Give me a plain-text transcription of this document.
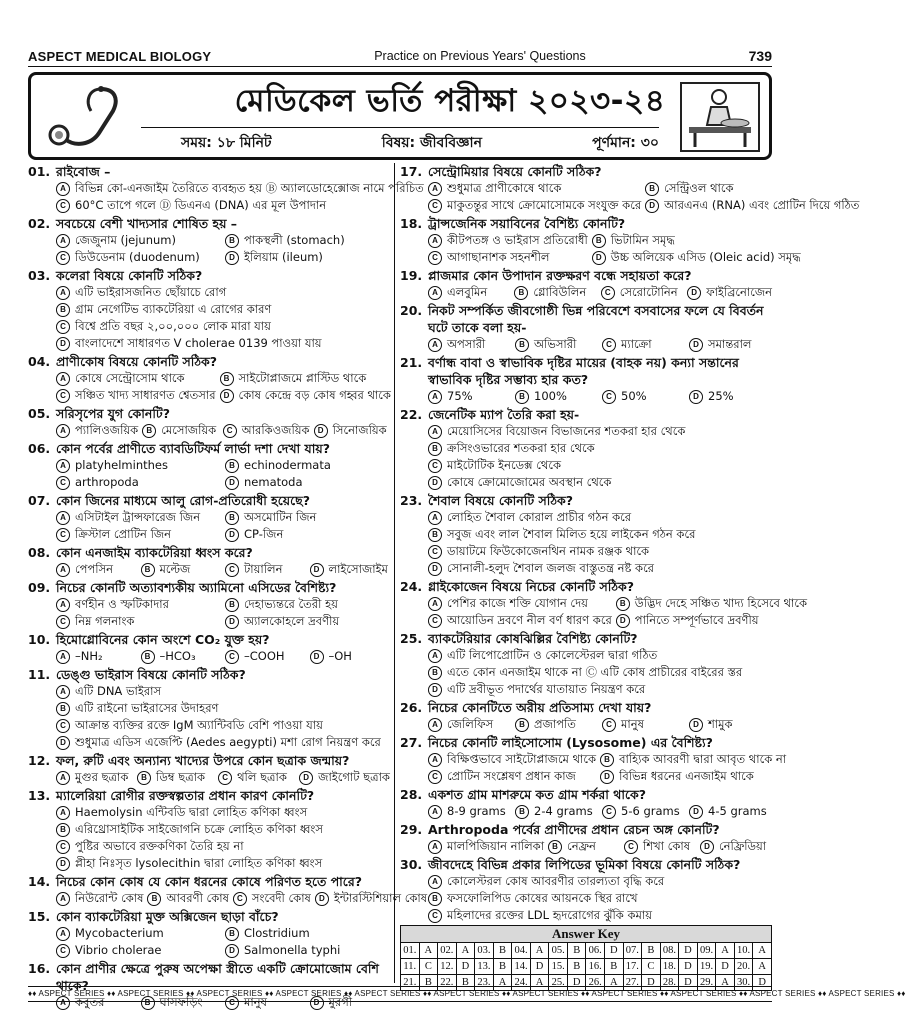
ASPECT MEDICAL BIOLOGY	Practice on Previous Years' Questions	739
মেডিকেল ভর্তি পরীক্ষা ২০২৩-২৪
সময়: ১৮ মিনিট	বিষয়: জীববিজ্ঞান	পূর্ণমান: ৩০
01. রাইবোজ –
A বিভিন্ন কো-এনজাইম তৈরিতে ব্যবহৃত হয় Ⓑ অ্যালডোহেক্সোজ নামে পরিচিত
C 60°C তাপে গলে Ⓓ ডিএনএ (DNA) এর মূল উপাদান
02. সবচেয়ে বেশী খাদ্যসার শোষিত হয় –
A জেজুনাম (jejunum)	B পাকস্থলী (stomach)
C ডিউডেনাম (duodenum)	D ইলিয়াম (ileum)
03. কলেরা বিষয়ে কোনটি সঠিক?
A এটি ভাইরাসজনিত ছোঁয়াচে রোগ
B গ্রাম নেগেটিভ ব্যাকটেরিয়া এ রোগের কারণ
C বিশ্বে প্রতি বছর ২,০০,০০০ লোক মারা যায়
D বাংলাদেশে সাধারণত V cholerae 0139 পাওয়া যায়
04. প্রাণীকোষ বিষয়ে কোনটি সঠিক?
A কোষে সেন্ট্রোসোম থাকে	B সাইটোপ্লাজমে প্লাস্টিড থাকে
C সঞ্চিত খাদ্য সাধারণত শ্বেতসার	D কোষ কেন্দ্রে বড় কোষ গহ্বর থাকে
05. সরিসৃপের যুগ কোনটি?
A প্যালিওজয়িক	B মেসোজয়িক	C আরকিওজয়িক	D সিনোজয়িক
06. কোন পর্বের প্রাণীতে ব্যাবডিটিফর্ম লার্ভা দশা দেখা যায়?
A platyhelminthes	B echinodermata
C arthropoda	D nematoda
07. কোন জিনের মাধ্যমে আলু রোগ-প্রতিরোধী হয়েছে?
A এসিটাইল ট্রান্সফারেজ জিন	B অসমোটিন জিন
C ক্রিস্টাল প্রোটিন জিন	D CP-জিন
08. কোন এনজাইম ব্যাকটেরিয়া ধ্বংস করে?
A পেপসিন	B মল্টেজ	C টায়ালিন	D লাইসোজাইম
09. নিচের কোনটি অত্যাবশ্যকীয় অ্যামিনো এসিডের বৈশিষ্ট্য?
A বর্ণহীন ও স্ফটিকাদার	B দেহাভ্যন্তরে তৈরী হয়
C নিম্ন গলনাংক	D অ্যালকোহলে দ্রবণীয়
10. হিমোগ্লোবিনের কোন অংশে CO₂ যুক্ত হয়?
A –NH₂	B –HCO₃	C –COOH	D –OH
11. ডেঙ্গু ভাইরাস বিষয়ে কোনটি সঠিক?
A এটি DNA ভাইরাস
B এটি রাইনো ভাইরাসের উদাহরণ
C আক্রান্ত ব্যক্তির রক্তে IgM অ্যান্টিবডি বেশি পাওয়া যায়
D শুধুমাত্র এডিস এজেপ্টি (Aedes aegypti) মশা রোগ নিয়ন্ত্রণ করে
12. ফল, রুটি এবং অন্যান্য খাদ্যের উপরে কোন ছত্রাক জন্মায়?
A মুগুর ছত্রাক	B ডিম্ব ছত্রাক	C থলি ছত্রাক	D জাইগোট ছত্রাক
13. ম্যালেরিয়া রোগীর রক্তস্বল্পতার প্রধান কারণ কোনটি?
A Haemolysin এন্টিবডি দ্বারা লোহিত কণিকা ধ্বংস
B এরিথ্রোসাইটিক সাইজোগনি চক্রে লোহিত কণিকা ধ্বংস
C পুষ্টির অভাবে রক্তকণিকা তৈরি হয় না
D প্লীহা নিঃসৃত lysolecithin দ্বারা লোহিত কণিকা ধ্বংস
14. নিচের কোন কোষ যে কোন ধরনের কোষে পরিণত হতে পারে?
A নিউরোন্ট কোষ	B আবরণী কোষ	C সংবেদী কোষ	D ইন্টারস্টিশিয়াল কোষ
15. কোন ব্যাকটেরিয়া মুক্ত অক্সিজেন ছাড়া বাঁচে?
A Mycobacterium	B Clostridium
C Vibrio cholerae	D Salmonella typhi
16. কোন প্রাণীর ক্ষেত্রে পুরুষ অপেক্ষা স্ত্রীতে একটি ক্রোমোজোম বেশি থাকে?
A কবুতর	B ঘাসফড়িং	C মানুষ	D মুরগী
17. সেন্ট্রোমিয়ার বিষয়ে কোনটি সঠিক?
A শুধুমাত্র প্রাণীকোষে থাকে	B সেন্ট্রিওল থাকে
C মাকুতন্তুর সাথে ক্রোমোসোমকে সংযুক্ত করে	D আরএনএ (RNA) এবং প্রোটিন দিয়ে গঠিত
18. ট্রান্সজেনিক সয়াবিনের বৈশিষ্ট্য কোনটি?
A কীটপতঙ্গ ও ভাইরাস প্রতিরোধী	B ভিটামিন সমৃদ্ধ
C আগাছানাশক সহনশীল	D উচ্চ অলিয়েক এসিড (Oleic acid) সমৃদ্ধ
19. প্লাজমার কোন উপাদান রক্তক্ষরণ বন্ধে সহায়তা করে?
A এলবুমিন	B গ্লোবিউলিন	C সেরোটোনিন	D ফাইব্রিনোজেন
20. নিকট সম্পর্কিত জীবগোষ্ঠী ভিন্ন পরিবেশে বসবাসের ফলে যে বিবর্তন ঘটে তাকে বলা হয়-
A অপসারী	B অভিসারী	C ম্যাক্রো	D সমান্তরাল
21. বর্ণান্ধ বাবা ও স্বাভাবিক দৃষ্টির মায়ের (বাহক নয়) কন্যা সন্তানের স্বাভাবিক দৃষ্টির সম্ভাব্য হার কত?
A 75%	B 100%	C 50%	D 25%
22. জেনেটিক ম্যাপ তৈরি করা হয়-
A মেয়োসিসের বিয়োজন বিভাজনের শতকরা হার থেকে
B ক্রসিংওভারের শতকরা হার থেকে
C মাইটোটিক ইনডেক্স থেকে
D কোষে ক্রোমোজোমের অবস্থান থেকে
23. শৈবাল বিষয়ে কোনটি সঠিক?
A লোহিত শৈবাল কোরাল প্রাচীর গঠন করে
B সবুজ এবং লাল শৈবাল মিলিত হয়ে লাইকেন গঠন করে
C ডায়াটমে ফিউকোজেনথিন নামক রঞ্জক থাকে
D সোনালী-হলুদ শৈবাল জলজ বাস্তুতন্ত্র নষ্ট করে
24. গ্লাইকোজেন বিষয়ে নিচের কোনটি সঠিক?
A পেশির কাজে শক্তি যোগান দেয়	B উদ্ভিদ দেহে সঞ্চিত খাদ্য হিসেবে থাকে
C আয়োডিন দ্রবণে নীল বর্ণ ধারণ করে	D পানিতে সম্পূর্ণভাবে দ্রবণীয়
25. ব্যাকটেরিয়ার কোষঝিল্লির বৈশিষ্ট্য কোনটি?
A এটি লিপোপ্রোটিন ও কোলেস্টেরল দ্বারা গঠিত
B এতে কোন এনজাইম থাকে না Ⓒ এটি কোষ প্রাচীরের বাইরের স্তর
D এটি দ্রবীভূত পদার্থের যাতায়াত নিয়ন্ত্রণ করে
26. নিচের কোনটিতে অরীয় প্রতিসাম্য দেখা যায়?
A জেলিফিস	B প্রজাপতি	C মানুষ	D শামুক
27. নিচের কোনটি লাইসোসোম (Lysosome) এর বৈশিষ্ট্য?
A বিক্ষিপ্তভাবে সাইটোপ্লাজমে থাকে	B বাহ্যিক আবরণী দ্বারা আবৃত থাকে না
C প্রোটিন সংশ্লেষণ প্রধান কাজ	D বিভিন্ন ধরনের এনজাইম থাকে
28. একশত গ্রাম মাশরুমে কত গ্রাম শর্করা থাকে?
A 8-9 grams	B 2-4 grams	C 5-6 grams	D 4-5 grams
29. Arthropoda পর্বের প্রাণীদের প্রধান রেচন অঙ্গ কোনটি?
A মালপিজিয়ান নালিকা	B নেফ্রন	C শিখা কোষ	D নেফ্রিডিয়া
30. জীবদেহে বিভিন্ন প্রকার লিপিডের ভূমিকা বিষয়ে কোনটি সঠিক?
A কোলেস্টরল কোষ আবরণীর তারল্যতা বৃদ্ধি করে
B ফসফোলিপিড কোষের আয়নকে স্থির রাখে
C মহিলাদের রক্তের LDL হৃদরোগের ঝুঁকি কমায়
Answer Key
01.	A	02.	A	03.	B	04.	A	05.	B	06.	D	07.	B	08.	D	09.	A	10.	A
11.	C	12.	D	13.	B	14.	D	15.	B	16.	B	17.	C	18.	D	19.	D	20.	A
21.	B	22.	B	23.	A	24.	A	25.	D	26.	A	27.	D	28.	D	29.	A	30.	D
♦♦ ASPECT SERIES ♦♦ ASPECT SERIES ♦♦ ASPECT SERIES ♦♦ ASPECT SERIES ♦♦ ASPECT SERIES ♦♦ ASPECT SERIES ♦♦ ASPECT SERIES ♦♦ ASPECT SERIES ♦♦ ASPECT SERIES ♦♦ ASPECT SERIES ♦♦ ASPECT SERIES ♦♦
